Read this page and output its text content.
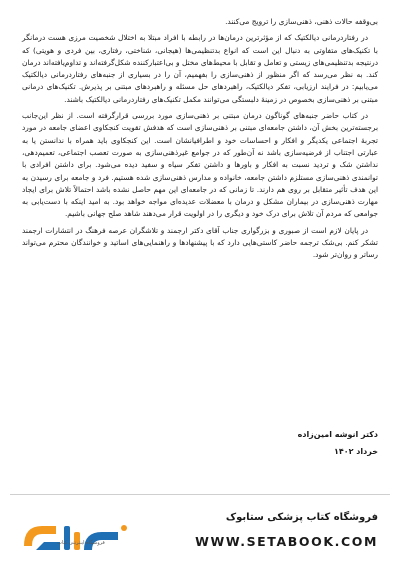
بی‌وقفه حالات ذهنی، ذهنی‌سازی را ترویج می‌کنند.

در رفتاردرمانی دیالکتیک که از مؤثرترین درمان‌ها در رابطه با افراد مبتلا به اختلال شخصیت مرزی هست درمانگر با تکنیک‌های متفاوتی به دنبال این است که انواع بدتنظیمی‌ها (هیجانی، شناختی، رفتاری، بین فردی و هویتی) که درنتیجه بدتنظیمی‌های زیستی و تعامل و تقابل با محیط‌های مختل و بی‌اعتبارکننده شکل‌گرفته‌اند و تداوم‌یافته‌اند درمان کند. به نظر می‌رسد که اگر منظور از ذهنی‌سازی را بفهمیم، آن را در بسیاری از جنبه‌های رفتاردرمانی دیالکتیک می‌یابیم: در فرایند ارزیابی، تفکر دیالکتیک، راهبردهای حل مسئله و راهبردهای مبتنی بر پذیرش. تکنیک‌های درمانی مبتنی بر ذهنی‌سازی بخصوص در زمینهٔ دلبستگی می‌توانند مکمل تکنیک‌های رفتاردرمانی دیالکتیک باشند.

در کتاب حاضر جنبه‌های گوناگون درمان مبتنی بر ذهنی‌سازی مورد بررسی قرارگرفته است. از نظر این‌جانب برجسته‌ترین بخش آن، داشتن جامعه‌ای مبتنی بر ذهنی‌سازی است که هدفش تقویت کنجکاوی اعضای جامعه در مورد تجربهٔ اجتماعی یکدیگر و افکار و احساسات خود و اطرافیانشان است. این کنجکاوی باید همراه با ندانستن یا به عبارتی اجتناب از فرضیه‌سازی باشد نه آن‌طور که در جوامع غیرذهنی‌سازی به صورت تعصب اجتماعی، تعمیم‌دهی، نداشتن شک و تردید نسبت به افکار و باورها و داشتن تفکر سیاه و سفید دیده می‌شود. برای داشتن افرادی با توانمندی ذهنی‌سازی مستلزم داشتن جامعه، خانواده و مدارس ذهنی‌سازی شده هستیم. فرد و جامعه برای رسیدن به این هدف تأثیر متقابل بر روی هم دارند. تا زمانی که در جامعه‌ای این مهم حاصل نشده باشد احتمالاً تلاش برای ایجاد مهارت ذهنی‌سازی در بیماران مشکل و درمان با معضلات عدیده‌ای مواجه خواهد بود. به امید اینکه با دست‌یابی به جوامعی که مردم آن تلاش برای درک خود و دیگری را در اولویت قرار می‌دهند شاهد صلح جهانی باشیم.

در پایان لازم است از صبوری و بزرگواری جناب آقای دکتر ارجمند و تلاشگران عرصه فرهنگ در انتشارات ارجمند تشکر کنم. بی‌شک ترجمه حاضر کاستی‌هایی دارد که با پیشنهادها و راهنمایی‌های اساتید و خوانندگان محترم می‌تواند رساتر و روان‌تر شود.

دکتر انوشه امین‌زاده
خرداد ۱۴۰۲
فروشگاه اینترنتی کتاب
فروشگاه کتاب پزشکی ستابوک
WWW.SETABOOK.COM
